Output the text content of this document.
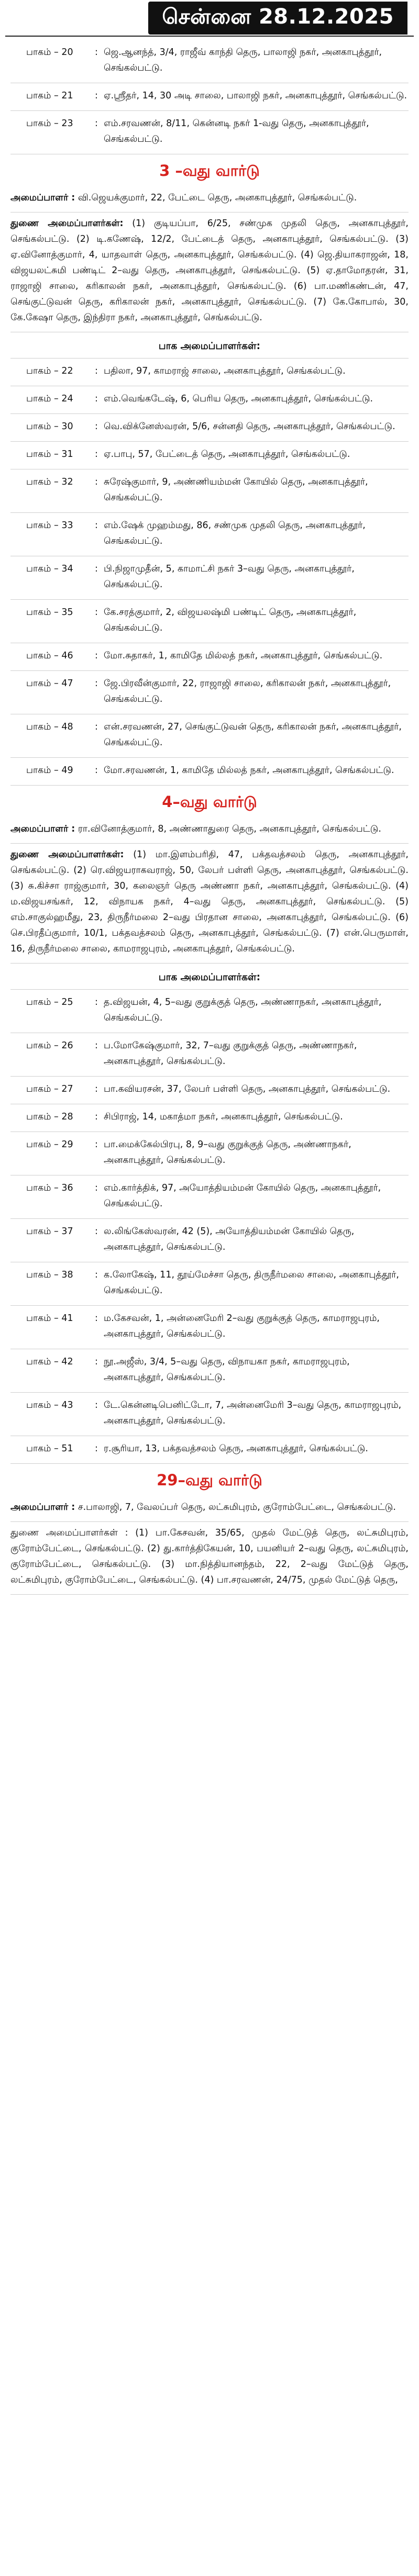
சென்னை 28.12.2025
பாகம் – 20	: ஜெ.ஆனந்த், 3/4, ராஜீவ் காந்தி தெரு, பாலாஜி நகர், அனகாபுத்தூர், செங்கல்பட்டு.
பாகம் – 21	: ஏ.ஸ்ரீதர், 14, 30 அடி சாலை, பாலாஜி நகர், அனகாபுத்தூர், செங்கல்பட்டு.
பாகம் – 23	: எம்.சரவணன், 8/11, கென்னடி நகர் 1-வது தெரு, அனகாபுத்தூர், செங்கல்பட்டு.
3 –வது வார்டு
அமைப்பாளர் : வி.ஜெயக்குமார், 22, பேட்டை தெரு, அனகாபுத்தூர், செங்கல்பட்டு.
துணை அமைப்பாளர்கள்: (1) குடியப்பா, 6/25, சண்முக முதலி தெரு, அனகாபுத்தூர், செங்கல்பட்டு. (2) டி.கணேஷ், 12/2, பேட்டைத் தெரு, அனகாபுத்தூர், செங்கல்பட்டு. (3) ஏ.வினோத்குமார், 4, யாதவாள் தெரு, அனகாபுத்தூர், செங்கல்பட்டு. (4) ஜெ.தியாகராஜன், 18, விஜயலட்சுமி பண்டிட் 2–வது தெரு, அனகாபுத்தூர், செங்கல்பட்டு. (5) ஏ.தாமோதரன், 31, ராஜாஜி சாலை, கரிகாலன் நகர், அனகாபுத்தூர், செங்கல்பட்டு. (6) பா.மணிகண்டன், 47, செங்குட்டுவன் தெரு, கரிகாலன் நகர், அனகாபுத்தூர், செங்கல்பட்டு. (7) கே.கோபால், 30, கே.கேஷா தெரு, இந்திரா நகர், அனகாபுத்தூர், செங்கல்பட்டு.
பாக அமைப்பாளர்கள்:
பாகம் – 22	: பதிலா, 97, காமராஜ் சாலை, அனகாபுத்தூர், செங்கல்பட்டு.
பாகம் – 24	: எம்.வெங்கடேஷ், 6, பெரிய தெரு, அனகாபுத்தூர், செங்கல்பட்டு.
பாகம் – 30	: வெ.விக்னேஸ்வரன், 5/6, சன்னதி தெரு, அனகாபுத்தூர், செங்கல்பட்டு.
பாகம் – 31	: ஏ.பாபு, 57, பேட்டைத் தெரு, அனகாபுத்தூர், செங்கல்பட்டு.
பாகம் – 32	: சுரேஷ்குமார், 9, அண்ணியம்மன் கோயில் தெரு, அனகாபுத்தூர், செங்கல்பட்டு.
பாகம் – 33	: எம்.ஷேக் முஹம்மது, 86, சண்முக முதலி தெரு, அனகாபுத்தூர், செங்கல்பட்டு.
பாகம் – 34	: பி.நிஜாமுதீன், 5, காமாட்சி நகர் 3–வது தெரு, அனகாபுத்தூர், செங்கல்பட்டு.
பாகம் – 35	: கே.சரத்குமார், 2, விஜயலஷ்மி பண்டிட் தெரு, அனகாபுத்தூர், செங்கல்பட்டு.
பாகம் – 46	: மோ.சுதாகர், 1, காமிதே மில்லத் நகர், அனகாபுத்தூர், செங்கல்பட்டு.
பாகம் – 47	: ஜே.பிரவீன்குமார், 22, ராஜாஜி சாலை, கரிகாலன் நகர், அனகாபுத்தூர், செங்கல்பட்டு.
பாகம் – 48	: என்.சரவணன், 27, செங்குட்டுவன் தெரு, கரிகாலன் நகர், அனகாபுத்தூர், செங்கல்பட்டு.
பாகம் – 49	: மோ.சரவணன், 1, காமிதே மில்லத் நகர், அனகாபுத்தூர், செங்கல்பட்டு.
4–வது வார்டு
அமைப்பாளர் : ரா.வினோத்குமார், 8, அண்ணாதுரை தெரு, அனகாபுத்தூர், செங்கல்பட்டு.
துணை அமைப்பாளர்கள்: (1) மா.இளம்பரிதி, 47, பக்தவத்சலம் தெரு, அனகாபுத்தூர், செங்கல்பட்டு. (2) ரெ.விஜயராகவராஜ், 50, லேபர் பள்ளி தெரு, அனகாபுத்தூர், செங்கல்பட்டு. (3) சு.கிச்சா ராஜ்குமார், 30, கலைஞர் தெரு அண்ணா நகர், அனகாபுத்தூர், செங்கல்பட்டு. (4) ம.விஜயசங்கர், 12, விநாயக நகர், 4–வது தெரு, அனகாபுத்தூர், செங்கல்பட்டு. (5) எம்.சாகுல்ஹமீது, 23, திருநீர்மலை 2–வது பிரதான சாலை, அனகாபுத்தூர், செங்கல்பட்டு. (6) செ.பிரதீப்குமார், 10/1, பக்தவத்சலம் தெரு, அனகாபுத்தூர், செங்கல்பட்டு. (7) என்.பெருமாள், 16, திருநீர்மலை சாலை, காமராஜபுரம், அனகாபுத்தூர், செங்கல்பட்டு.
பாக அமைப்பாளர்கள்:
பாகம் – 25	: த.விஜயன், 4, 5–வது குறுக்குத் தெரு, அண்ணாநகர், அனகாபுத்தூர், செங்கல்பட்டு.
பாகம் – 26	: ப.மோகேஷ்குமார், 32, 7–வது குறுக்குத் தெரு, அண்ணாநகர், அனகாபுத்தூர், செங்கல்பட்டு.
பாகம் – 27	: பா.கவியரசன், 37, லேபர் பள்ளி தெரு, அனகாபுத்தூர், செங்கல்பட்டு.
பாகம் – 28	: சிபிராஜ், 14, மகாத்மா நகர், அனகாபுத்தூர், செங்கல்பட்டு.
பாகம் – 29	: பா.மைக்கேல்பிரபு, 8, 9–வது குறுக்குத் தெரு, அண்ணாநகர், அனகாபுத்தூர், செங்கல்பட்டு.
பாகம் – 36	: எம்.கார்த்திக், 97, அயோத்தியம்மன் கோயில் தெரு, அனகாபுத்தூர், செங்கல்பட்டு.
பாகம் – 37	: ல.லிங்கேஸ்வரன், 42 (5), அயோத்தியம்மன் கோயில் தெரு, அனகாபுத்தூர், செங்கல்பட்டு.
பாகம் – 38	: க.லோகேஷ், 11, தூய்மேச்சா தெரு, திருநீர்மலை சாலை, அனகாபுத்தூர், செங்கல்பட்டு.
பாகம் – 41	: ம.கேசவன், 1, அன்னைமேரி 2–வது குறுக்குத் தெரு, காமராஜபுரம், அனகாபுத்தூர், செங்கல்பட்டு.
பாகம் – 42	: நூ.அஜீஸ், 3/4, 5–வது தெரு, விநாயகா நகர், காமராஜபுரம், அனகாபுத்தூர், செங்கல்பட்டு.
பாகம் – 43	: டே.கென்னடிபெனிட்டோ, 7, அன்னைமேரி 3–வது தெரு, காமராஜபுரம், அனகாபுத்தூர், செங்கல்பட்டு.
பாகம் – 51	: ர.சூரியா, 13, பக்தவத்சலம் தெரு, அனகாபுத்தூர், செங்கல்பட்டு.
29–வது வார்டு
அமைப்பாளர் : ச.பாலாஜி, 7, வேலப்பர் தெரு, லட்சுமிபுரம், குரோம்பேட்டை, செங்கல்பட்டு.
துணை அமைப்பாளர்கள் : (1) பா.கேசவன், 35/65, முதல் மேட்டுத் தெரு, லட்சுமிபுரம், குரோம்பேட்டை, செங்கல்பட்டு. (2) து.கார்த்திகேயன், 10, பயனியர் 2–வது தெரு, லட்சுமிபுரம், குரோம்பேட்டை, செங்கல்பட்டு. (3) மா.நித்தியானந்தம், 22, 2–வது மேட்டுத் தெரு, லட்சுமிபுரம், குரோம்பேட்டை, செங்கல்பட்டு. (4) பா.சரவணன், 24/75, முதல் மேட்டுத் தெரு,
